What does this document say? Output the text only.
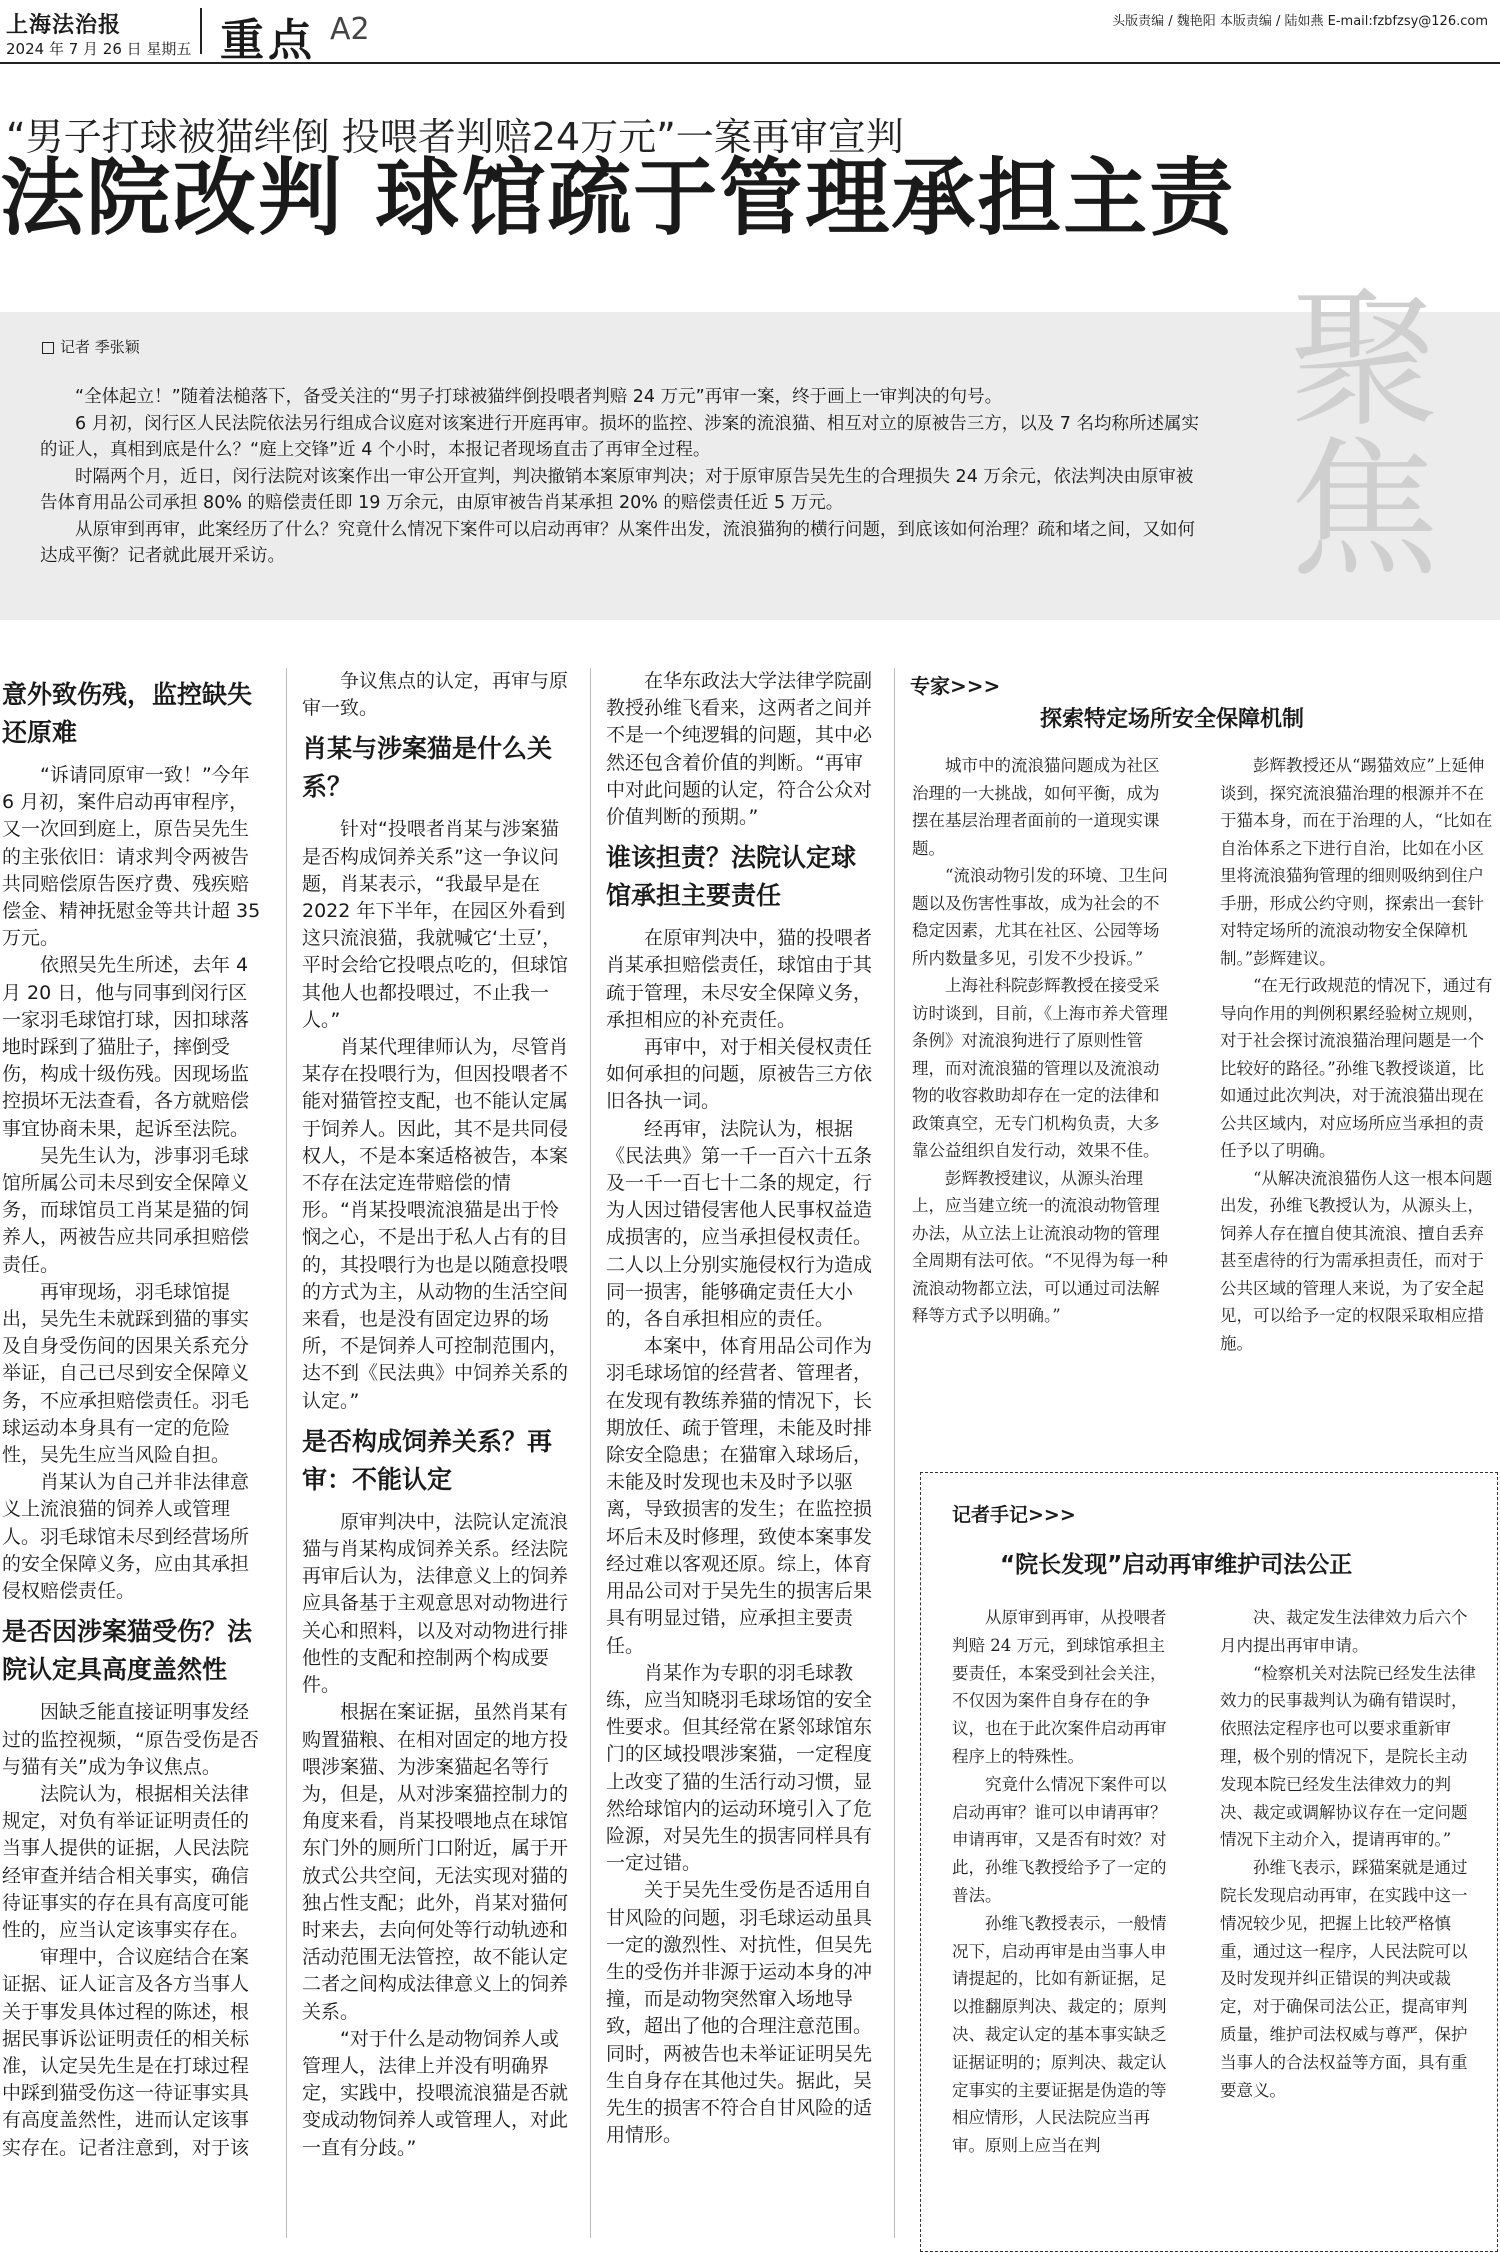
上海法治报
2024 年 7 月 26 日 星期五 重点 A2	头版责编 / 魏艳阳 本版责编 / 陆如燕 E-mail:fzbfzsy@126.com
“男子打球被猫绊倒 投喂者判赔24万元”一案再审宣判
法院改判 球馆疏于管理承担主责
聚焦
记者 季张颖

“全体起立！”随着法槌落下，备受关注的“男子打球被猫绊倒投喂者判赔 24 万元”再审一案，终于画上一审判决的句号。

6 月初，闵行区人民法院依法另行组成合议庭对该案进行开庭再审。损坏的监控、涉案的流浪猫、相互对立的原被告三方，以及 7 名均称所述属实的证人，真相到底是什么？“庭上交锋”近 4 个小时，本报记者现场直击了再审全过程。

时隔两个月，近日，闵行法院对该案作出一审公开宣判，判决撤销本案原审判决；对于原审原告吴先生的合理损失 24 万余元，依法判决由原审被告体育用品公司承担 80% 的赔偿责任即 19 万余元，由原审被告肖某承担 20% 的赔偿责任近 5 万元。

从原审到再审，此案经历了什么？究竟什么情况下案件可以启动再审？从案件出发，流浪猫狗的横行问题，到底该如何治理？疏和堵之间，又如何达成平衡？记者就此展开采访。

意外致伤残，监控缺失还原难

“诉请同原审一致！”今年 6 月初，案件启动再审程序，又一次回到庭上，原告吴先生的主张依旧：请求判令两被告共同赔偿原告医疗费、残疾赔偿金、精神抚慰金等共计超 35 万元。

依照吴先生所述，去年 4 月 20 日，他与同事到闵行区一家羽毛球馆打球，因扣球落地时踩到了猫肚子，摔倒受伤，构成十级伤残。因现场监控损坏无法查看，各方就赔偿事宜协商未果，起诉至法院。

吴先生认为，涉事羽毛球馆所属公司未尽到安全保障义务，而球馆员工肖某是猫的饲养人，两被告应共同承担赔偿责任。

再审现场，羽毛球馆提出，吴先生未就踩到猫的事实及自身受伤间的因果关系充分举证，自己已尽到安全保障义务，不应承担赔偿责任。羽毛球运动本身具有一定的危险性，吴先生应当风险自担。

肖某认为自己并非法律意义上流浪猫的饲养人或管理人。羽毛球馆未尽到经营场所的安全保障义务，应由其承担侵权赔偿责任。

是否因涉案猫受伤？法院认定具高度盖然性

因缺乏能直接证明事发经过的监控视频，“原告受伤是否与猫有关”成为争议焦点。

法院认为，根据相关法律规定，对负有举证证明责任的当事人提供的证据，人民法院经审查并结合相关事实，确信待证事实的存在具有高度可能性的，应当认定该事实存在。

审理中，合议庭结合在案证据、证人证言及各方当事人关于事发具体过程的陈述，根据民事诉讼证明责任的相关标准，认定吴先生是在打球过程中踩到猫受伤这一待证事实具有高度盖然性，进而认定该事实存在。记者注意到，对于该

争议焦点的认定，再审与原审一致。

肖某与涉案猫是什么关系？

针对“投喂者肖某与涉案猫是否构成饲养关系”这一争议问题，肖某表示，“我最早是在 2022 年下半年，在园区外看到这只流浪猫，我就喊它‘土豆’，平时会给它投喂点吃的，但球馆其他人也都投喂过，不止我一人。”

肖某代理律师认为，尽管肖某存在投喂行为，但因投喂者不能对猫管控支配，也不能认定属于饲养人。因此，其不是共同侵权人，不是本案适格被告，本案不存在法定连带赔偿的情形。“肖某投喂流浪猫是出于怜悯之心，不是出于私人占有的目的，其投喂行为也是以随意投喂的方式为主，从动物的生活空间来看，也是没有固定边界的场所，不是饲养人可控制范围内，达不到《民法典》中饲养关系的认定。”

是否构成饲养关系？再审：不能认定

原审判决中，法院认定流浪猫与肖某构成饲养关系。经法院再审后认为，法律意义上的饲养应具备基于主观意思对动物进行关心和照料，以及对动物进行排他性的支配和控制两个构成要件。

根据在案证据，虽然肖某有购置猫粮、在相对固定的地方投喂涉案猫、为涉案猫起名等行为，但是，从对涉案猫控制力的角度来看，肖某投喂地点在球馆东门外的厕所门口附近，属于开放式公共空间，无法实现对猫的独占性支配；此外，肖某对猫何时来去，去向何处等行动轨迹和活动范围无法管控，故不能认定二者之间构成法律意义上的饲养关系。

“对于什么是动物饲养人或管理人，法律上并没有明确界定，实践中，投喂流浪猫是否就变成动物饲养人或管理人，对此一直有分歧。”

在华东政法大学法律学院副教授孙维飞看来，这两者之间并不是一个纯逻辑的问题，其中必然还包含着价值的判断。“再审中对此问题的认定，符合公众对价值判断的预期。”

谁该担责？法院认定球馆承担主要责任

在原审判决中，猫的投喂者肖某承担赔偿责任，球馆由于其疏于管理，未尽安全保障义务，承担相应的补充责任。

再审中，对于相关侵权责任如何承担的问题，原被告三方依旧各执一词。

经再审，法院认为，根据《民法典》第一千一百六十五条及一千一百七十二条的规定，行为人因过错侵害他人民事权益造成损害的，应当承担侵权责任。二人以上分别实施侵权行为造成同一损害，能够确定责任大小的，各自承担相应的责任。

本案中，体育用品公司作为羽毛球场馆的经营者、管理者，在发现有教练养猫的情况下，长期放任、疏于管理，未能及时排除安全隐患；在猫窜入球场后，未能及时发现也未及时予以驱离，导致损害的发生；在监控损坏后未及时修理，致使本案事发经过难以客观还原。综上，体育用品公司对于吴先生的损害后果具有明显过错，应承担主要责任。

肖某作为专职的羽毛球教练，应当知晓羽毛球场馆的安全性要求。但其经常在紧邻球馆东门的区域投喂涉案猫，一定程度上改变了猫的生活行动习惯，显然给球馆内的运动环境引入了危险源，对吴先生的损害同样具有一定过错。

关于吴先生受伤是否适用自甘风险的问题，羽毛球运动虽具一定的激烈性、对抗性，但吴先生的受伤并非源于运动本身的冲撞，而是动物突然窜入场地导致，超出了他的合理注意范围。同时，两被告也未举证证明吴先生自身存在其他过失。据此，吴先生的损害不符合自甘风险的适用情形。

专家>>>
探索特定场所安全保障机制

城市中的流浪猫问题成为社区治理的一大挑战，如何平衡，成为摆在基层治理者面前的一道现实课题。

“流浪动物引发的环境、卫生问题以及伤害性事故，成为社会的不稳定因素，尤其在社区、公园等场所内数量多见，引发不少投诉。”

上海社科院彭辉教授在接受采访时谈到，目前，《上海市养犬管理条例》对流浪狗进行了原则性管理，而对流浪猫的管理以及流浪动物的收容救助却存在一定的法律和政策真空，无专门机构负责，大多靠公益组织自发行动，效果不佳。

彭辉教授建议，从源头治理上，应当建立统一的流浪动物管理办法，从立法上让流浪动物的管理全周期有法可依。“不见得为每一种流浪动物都立法，可以通过司法解释等方式予以明确。”

彭辉教授还从“踢猫效应”上延伸谈到，探究流浪猫治理的根源并不在于猫本身，而在于治理的人，“比如在自治体系之下进行自治，比如在小区里将流浪猫狗管理的细则吸纳到住户手册，形成公约守则，探索出一套针对特定场所的流浪动物安全保障机制。”彭辉建议。

“在无行政规范的情况下，通过有导向作用的判例积累经验树立规则，对于社会探讨流浪猫治理问题是一个比较好的路径。”孙维飞教授谈道，比如通过此次判决，对于流浪猫出现在公共区域内，对应场所应当承担的责任予以了明确。

“从解决流浪猫伤人这一根本问题出发，孙维飞教授认为，从源头上，饲养人存在擅自使其流浪、擅自丢弃甚至虐待的行为需承担责任，而对于公共区域的管理人来说，为了安全起见，可以给予一定的权限采取相应措施。

记者手记>>>
“院长发现”启动再审维护司法公正

从原审到再审，从投喂者判赔 24 万元，到球馆承担主要责任，本案受到社会关注，不仅因为案件自身存在的争议，也在于此次案件启动再审程序上的特殊性。

究竟什么情况下案件可以启动再审？谁可以申请再审？申请再审，又是否有时效？对此，孙维飞教授给予了一定的普法。

孙维飞教授表示，一般情况下，启动再审是由当事人申请提起的，比如有新证据，足以推翻原判决、裁定的；原判决、裁定认定的基本事实缺乏证据证明的；原判决、裁定认定事实的主要证据是伪造的等相应情形，人民法院应当再审。原则上应当在判

决、裁定发生法律效力后六个月内提出再审申请。

“检察机关对法院已经发生法律效力的民事裁判认为确有错误时，依照法定程序也可以要求重新审理，极个别的情况下，是院长主动发现本院已经发生法律效力的判决、裁定或调解协议存在一定问题情况下主动介入，提请再审的。”

孙维飞表示，踩猫案就是通过院长发现启动再审，在实践中这一情况较少见，把握上比较严格慎重，通过这一程序，人民法院可以及时发现并纠正错误的判决或裁定，对于确保司法公正，提高审判质量，维护司法权威与尊严，保护当事人的合法权益等方面，具有重要意义。
